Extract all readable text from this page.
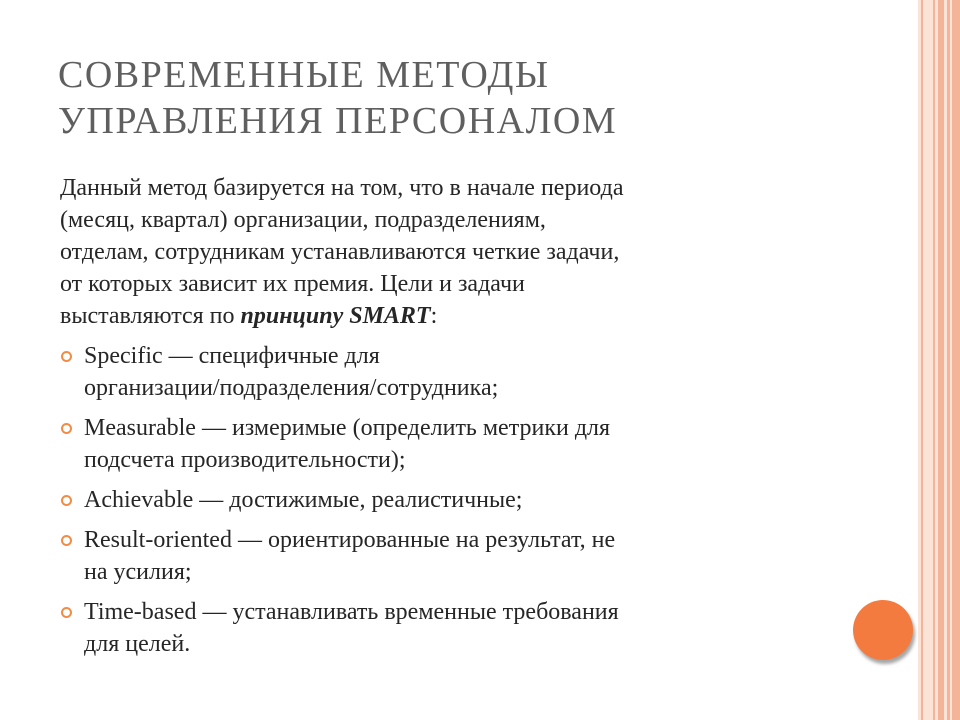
СОВРЕМЕННЫЕ МЕТОДЫ
УПРАВЛЕНИЯ ПЕРСОНАЛОМ

Данный метод базируется на том, что в начале периода
(месяц, квартал) организации, подразделениям,
отделам, сотрудникам устанавливаются четкие задачи,
от которых зависит их премия. Цели и задачи
выставляются по принципу SMART:

Specific — специфичные для
организации/подразделения/сотрудника;
Measurable — измеримые (определить метрики для
подсчета производительности);
Achievable — достижимые, реалистичные;
Result-oriented — ориентированные на результат, не
на усилия;
Time-based — устанавливать временные требования
для целей.
